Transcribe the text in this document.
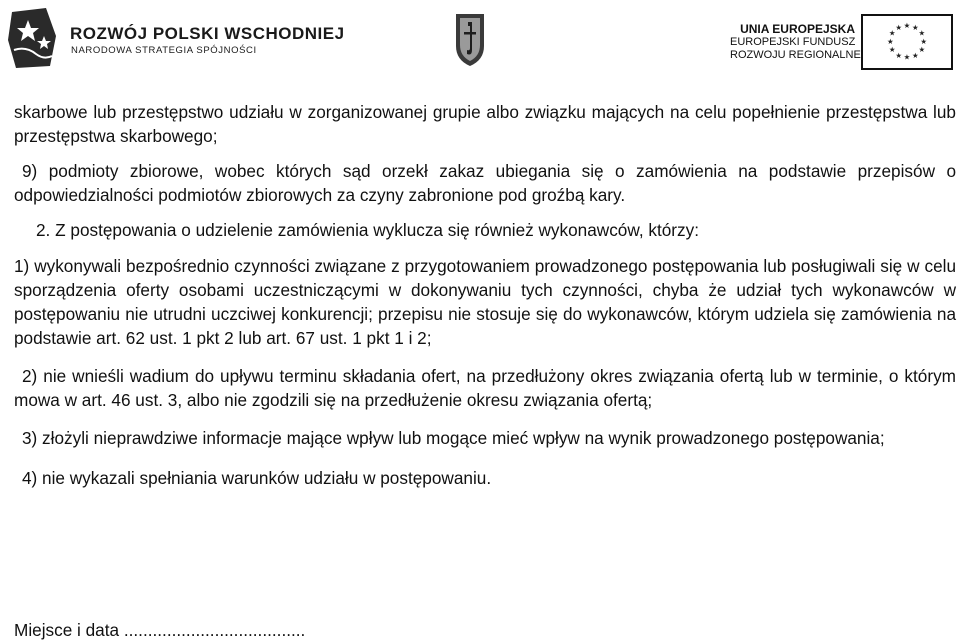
ROZWÓJ POLSKI WSCHODNIEJ
NARODOWA STRATEGIA SPÓJNOŚCI
UNIA EUROPEJSKA
EUROPEJSKI FUNDUSZ
ROZWOJU REGIONALNEGO
★ ★
★
★
★
★
★
★
★
★
★
★

skarbowe lub przestępstwo udziału w zorganizowanej grupie albo związku mających na celu popełnienie przestępstwa lub przestępstwa skarbowego;

9) podmioty zbiorowe, wobec których sąd orzekł zakaz ubiegania się o zamówienia na podstawie przepisów o odpowiedzialności podmiotów zbiorowych za czyny zabronione pod groźbą kary.

2. Z postępowania o udzielenie zamówienia wyklucza się również wykonawców, którzy:

1) wykonywali bezpośrednio czynności związane z przygotowaniem prowadzonego postępowania lub posługiwali się w celu sporządzenia oferty osobami uczestniczącymi w dokonywaniu tych czynności, chyba że udział tych wykonawców w postępowaniu nie utrudni uczciwej konkurencji; przepisu nie stosuje się do wykonawców, którym udziela się zamówienia na podstawie art. 62 ust. 1 pkt 2 lub art. 67 ust. 1 pkt 1 i 2;

2) nie wnieśli wadium do upływu terminu składania ofert, na przedłużony okres związania ofertą lub w terminie, o którym mowa w art. 46 ust. 3, albo nie zgodzili się na przedłużenie okresu związania ofertą;

3) złożyli nieprawdziwe informacje mające wpływ lub mogące mieć wpływ na wynik prowadzonego postępowania;

4) nie wykazali spełniania warunków udziału w postępowaniu.

Miejsce i data ......................................
